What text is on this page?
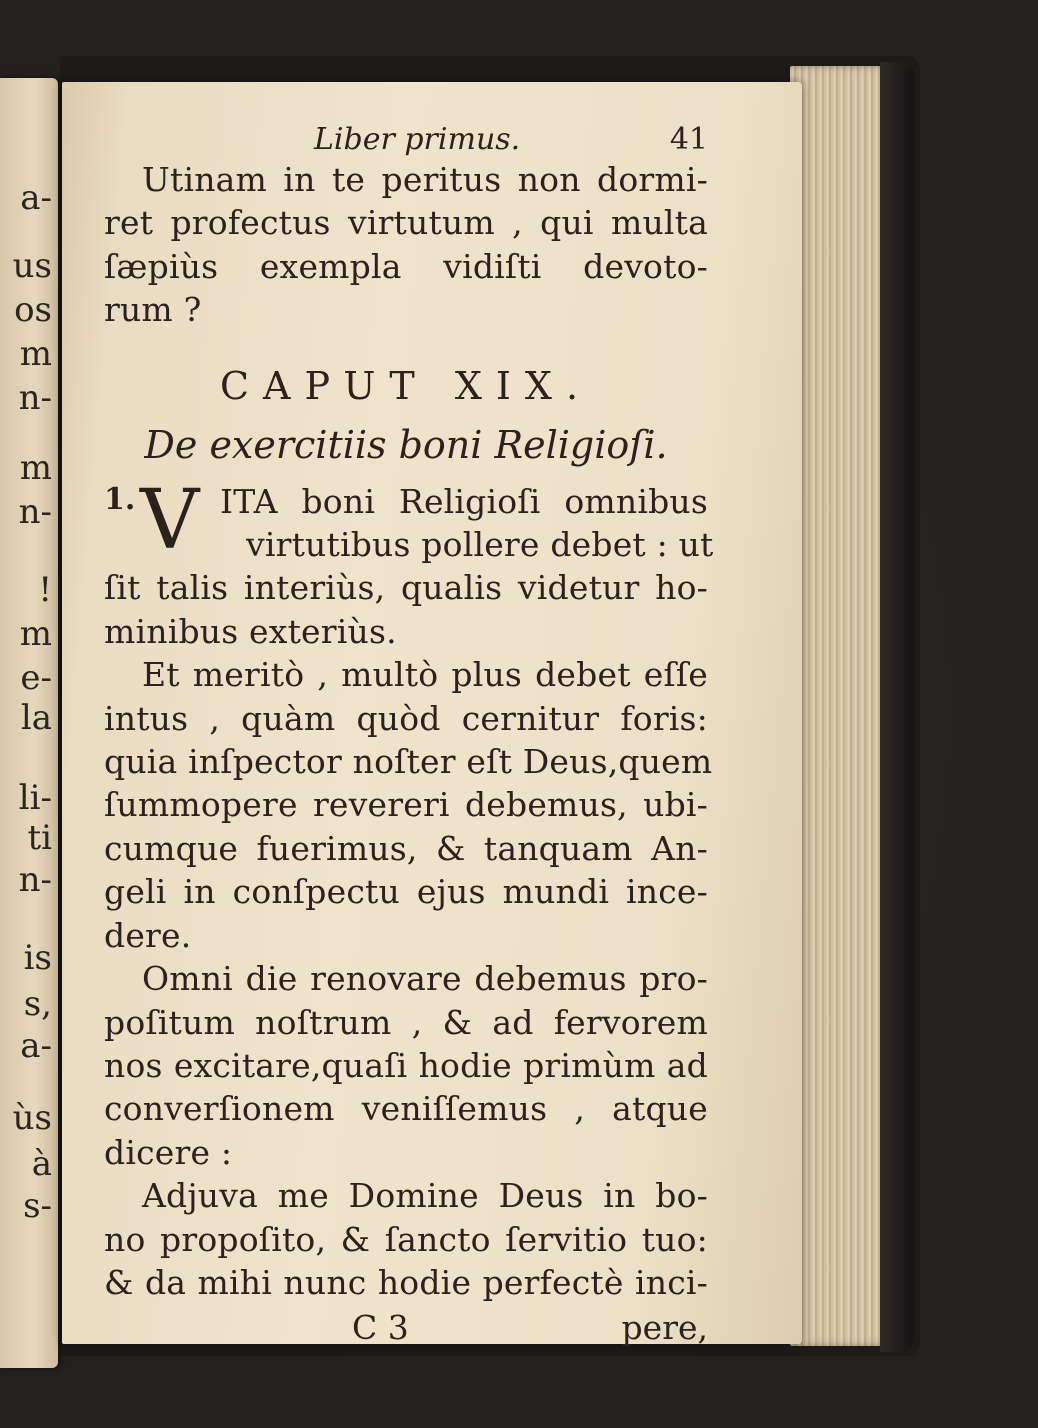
a-
us
os
m
n-
m
n-
!
m
e-
la
li-
ti
n-
is
s,
a-
ùs
à
s-
Liber primus.	41
Utinam in te peritus non dormi-
ret profectus virtutum , qui multa
ſæpiùs exempla vidiſti devoto-
rum ?
CAPUT XIX.
De exercitiis boni Religioſi.
1. V ITA boni Religioſi omnibus
virtutibus pollere debet : ut
ſit talis interiùs, qualis videtur ho-
minibus exteriùs.
Et meritò , multò plus debet eſſe
intus , quàm quòd cernitur foris:
quia inſpector noſter eſt Deus,quem
ſummopere revereri debemus, ubi-
cumque fuerimus, & tanquam An-
geli in conſpectu ejus mundi ince-
dere.
Omni die renovare debemus pro-
poſitum noſtrum , & ad fervorem
nos excitare,quaſi hodie primùm ad
converſionem veniſſemus , atque
dicere :
Adjuva me Domine Deus in bo-
no propoſito, & ſancto ſervitio tuo:
& da mihi nunc hodie perfectè inci-
C 3	pere,
